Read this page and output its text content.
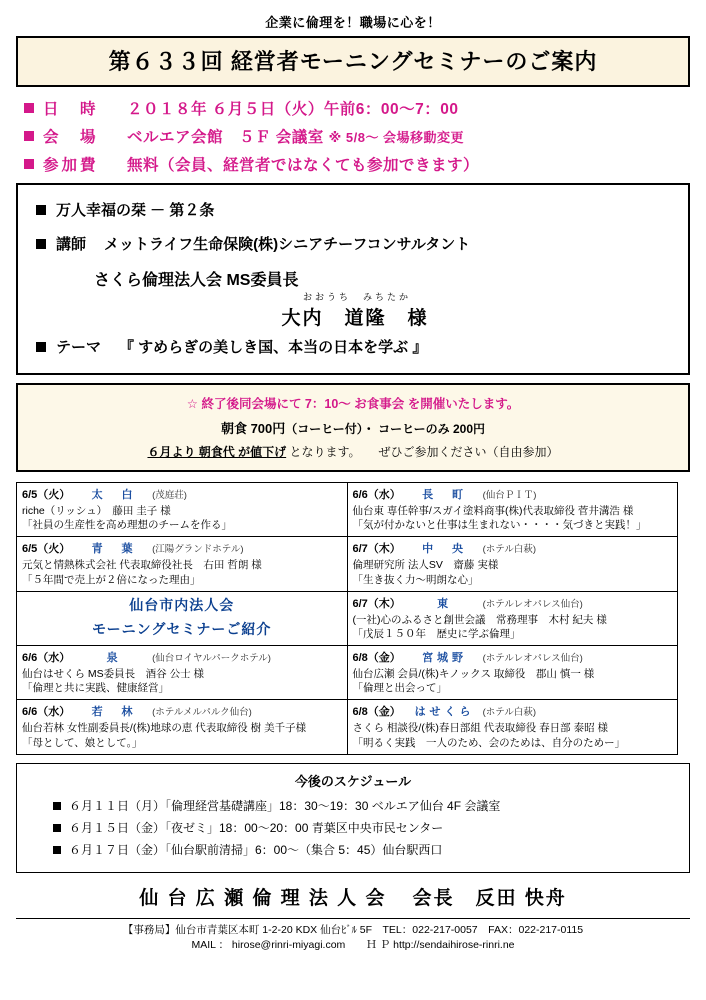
企業に倫理を！職場に心を！
第６３３回 経営者モーニングセミナーのご案内
日　時	２０１８年 ６月５日（火）午前6：00〜7：00
会　場	ベルエア会館　５Ｆ 会議室 ※ 5/8〜 会場移動変更
参加費	無料（会員、経営者ではなくても参加できます）
万人幸福の栞 － 第２条
講師 メットライフ生命保険(株)シニアチーフコンサルタント
さくら倫理法人会 MS委員長
おおうち　みちたか
大内　道隆　様
テーマ 『 すめらぎの美しき国、本当の日本を学ぶ 』
☆ 終了後同会場にて 7：10〜 お食事会 を開催いたします。
朝食 700円（コーヒー付）・ コーヒーのみ 200円
６月より 朝食代 が値下げ となります。　　ぜひご参加ください（自由参加）
6/5（火） 太　白 (茂庭荘)
riche（リッシュ）　藤田 圭子 様
「社員の生産性を高め理想のチームを作る」

6/6（水） 長　町 (仙台ＰＩＴ)
仙台東 専任幹事/スガイ塗料商事(株)代表取締役 菅井溝浩 様
「気が付かないと仕事は生まれない・・・・気づきと実践！」

6/5（火） 青　葉 (江陽グランドホテル)
元気と情熱株式会社 代表取締役社長　右田 哲朗 様
「５年間で売上が２倍になった理由」

6/7（木） 中　央 (ホテル白萩)
倫理研究所 法人SV　齋藤 実様
「生き抜く力〜明朗な心」

仙台市内法人会
モーニングセミナーご紹介

6/7（木）	東	(ホテルレオパレス仙台)
(一社)心のふるさと創世会議　常務理事　木村 紀夫 様
「戊辰１５０年　歴史に学ぶ倫理」

6/6（水）	泉	(仙台ロイヤルパークホテル)
仙台はせくら MS委員長　酒谷 公士 様
「倫理と共に実践、健康経営」

6/8（金） 宮城野 (ホテルレオパレス仙台)
仙台広瀬 会員/(株)キノックス 取締役　郡山 慎一 様
「倫理と出会って」

6/6（水） 若　林 (ホテルメルパルク仙台)
仙台若林 女性副委員長/(株)地球の恵 代表取締役 樹 美千子様
「母として、娘として。」

6/8（金） はせくら (ホテル白萩)
さくら 相談役/(株)春日部組 代表取締役 春日部 泰昭 様
「明るく実践　一人のため、会のためは、自分のためー」
今後のスケジュール
６月１１日（月）「倫理経営基礎講座」18：30〜19：30 ベルエア仙台 4F 会議室
６月１５日（金）「夜ゼミ」18：00〜20：00 青葉区中央市民センター
６月１７日（金）「仙台駅前清掃」6：00〜（集合 5：45）仙台駅西口
仙 台 広 瀬 倫 理 法 人 会 会長　反田 快舟
【事務局】仙台市青葉区本町 1-2-20 KDX 仙台ﾋﾞﾙ 5F　TEL：022-217-0057　FAX：022-217-0115
MAIL ： hirose@rinri-miyagi.com　　Ｈ Ｐ http://sendaihirose-rinri.ne
